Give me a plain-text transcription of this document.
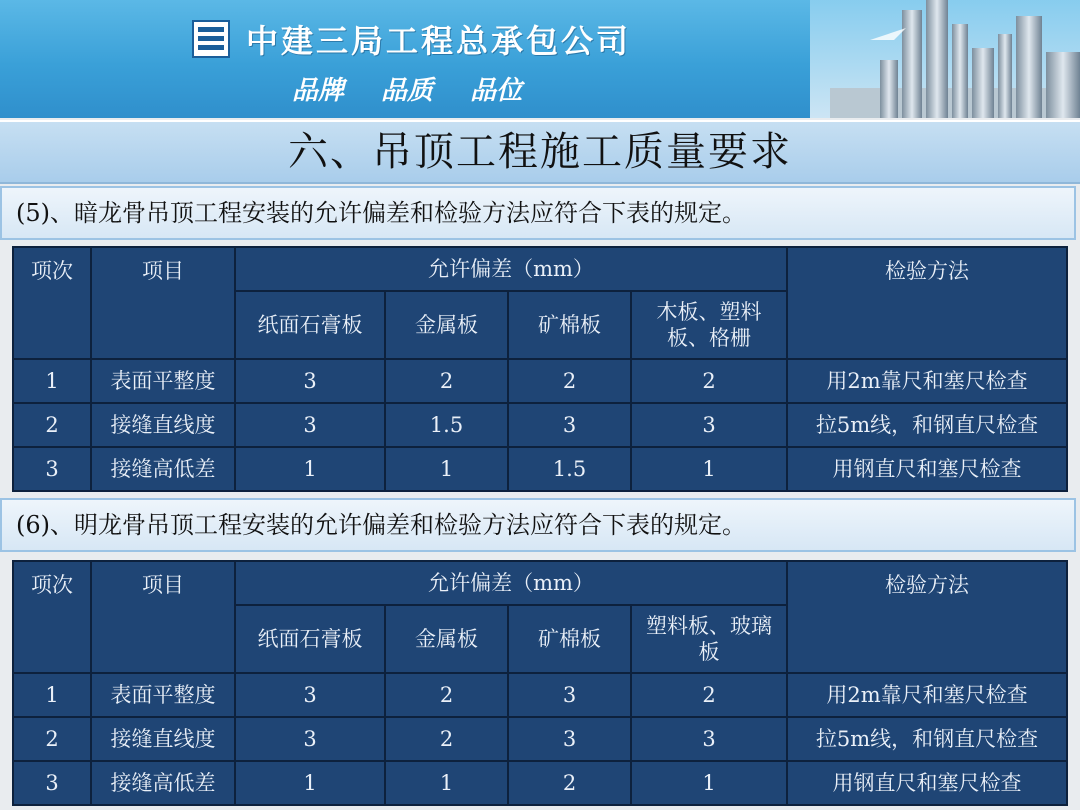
中建三局工程总承包公司
品牌 品质 品位
六、吊顶工程施工质量要求
(5)、暗龙骨吊顶工程安装的允许偏差和检验方法应符合下表的规定。
项次	项目	允许偏差（mm）				检验方法
		纸面石膏板	金属板	矿棉板	木板、塑料板、格栅	
1	表面平整度	3	2	2	2	用2m靠尺和塞尺检查
2	接缝直线度	3	1.5	3	3	拉5m线，和钢直尺检查
3	接缝高低差	1	1	1.5	1	用钢直尺和塞尺检查
(6)、明龙骨吊顶工程安装的允许偏差和检验方法应符合下表的规定。
项次	项目	允许偏差（mm）				检验方法
		纸面石膏板	金属板	矿棉板	塑料板、玻璃板	
1	表面平整度	3	2	3	2	用2m靠尺和塞尺检查
2	接缝直线度	3	2	3	3	拉5m线，和钢直尺检查
3	接缝高低差	1	1	2	1	用钢直尺和塞尺检查
